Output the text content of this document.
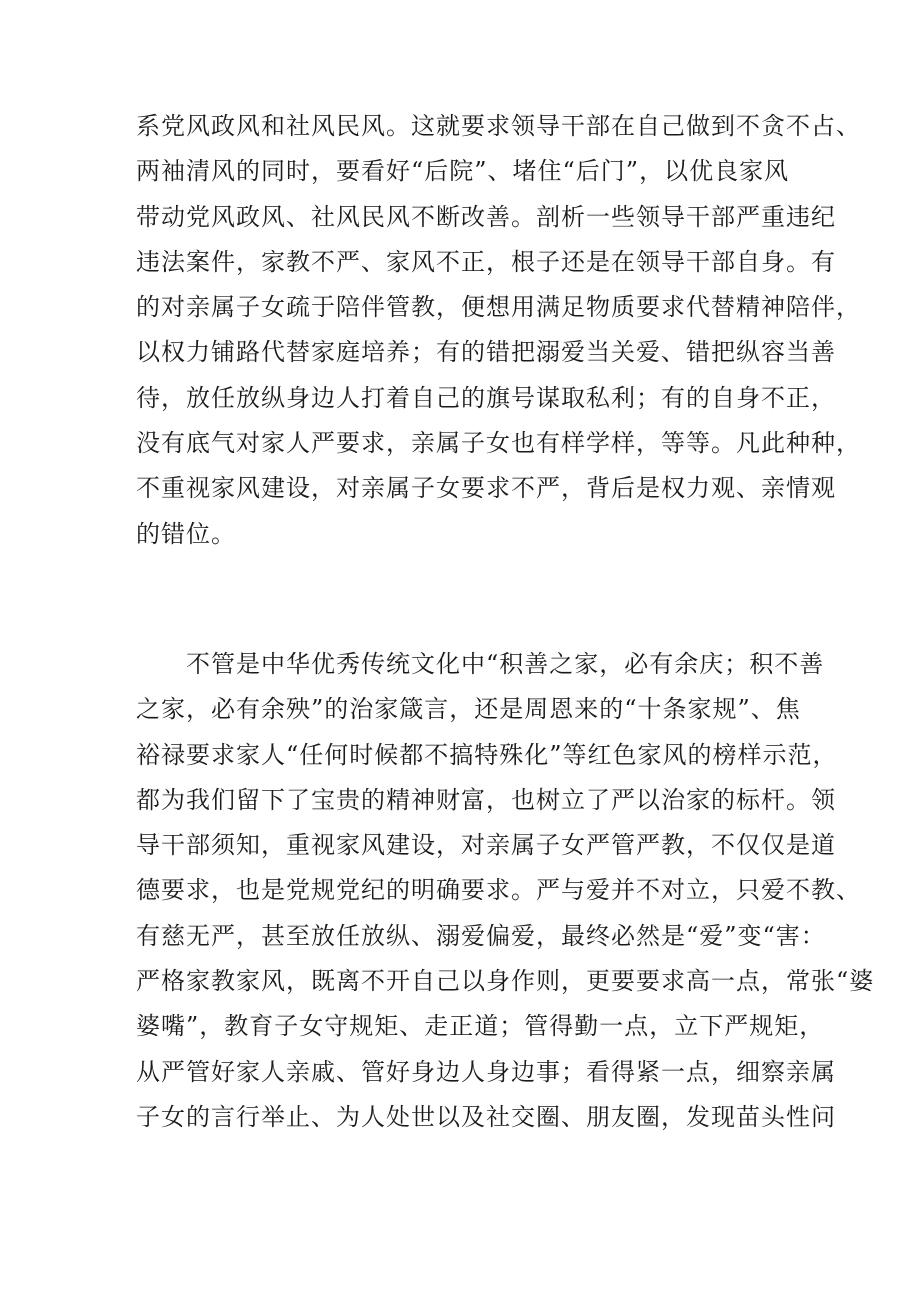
系党风政风和社风民风。这就要求领导干部在自己做到不贪不占、
两袖清风的同时，要看好“后院”、堵住“后门”，以优良家风
带动党风政风、社风民风不断改善。剖析一些领导干部严重违纪
违法案件，家教不严、家风不正，根子还是在领导干部自身。有
的对亲属子女疏于陪伴管教，便想用满足物质要求代替精神陪伴，
以权力铺路代替家庭培养；有的错把溺爱当关爱、错把纵容当善
待，放任放纵身边人打着自己的旗号谋取私利；有的自身不正，
没有底气对家人严要求，亲属子女也有样学样，等等。凡此种种，
不重视家风建设，对亲属子女要求不严，背后是权力观、亲情观
的错位。
　　不管是中华优秀传统文化中“积善之家，必有余庆；积不善
之家，必有余殃”的治家箴言，还是周恩来的“十条家规”、焦
裕禄要求家人“任何时候都不搞特殊化”等红色家风的榜样示范，
都为我们留下了宝贵的精神财富，也树立了严以治家的标杆。领
导干部须知，重视家风建设，对亲属子女严管严教，不仅仅是道
德要求，也是党规党纪的明确要求。严与爱并不对立，只爱不教、
有慈无严，甚至放任放纵、溺爱偏爱，最终必然是“爱”变“害：
严格家教家风，既离不开自己以身作则，更要要求高一点，常张“婆
婆嘴”，教育子女守规矩、走正道；管得勤一点，立下严规矩，
从严管好家人亲戚、管好身边人身边事；看得紧一点，细察亲属
子女的言行举止、为人处世以及社交圈、朋友圈，发现苗头性问
